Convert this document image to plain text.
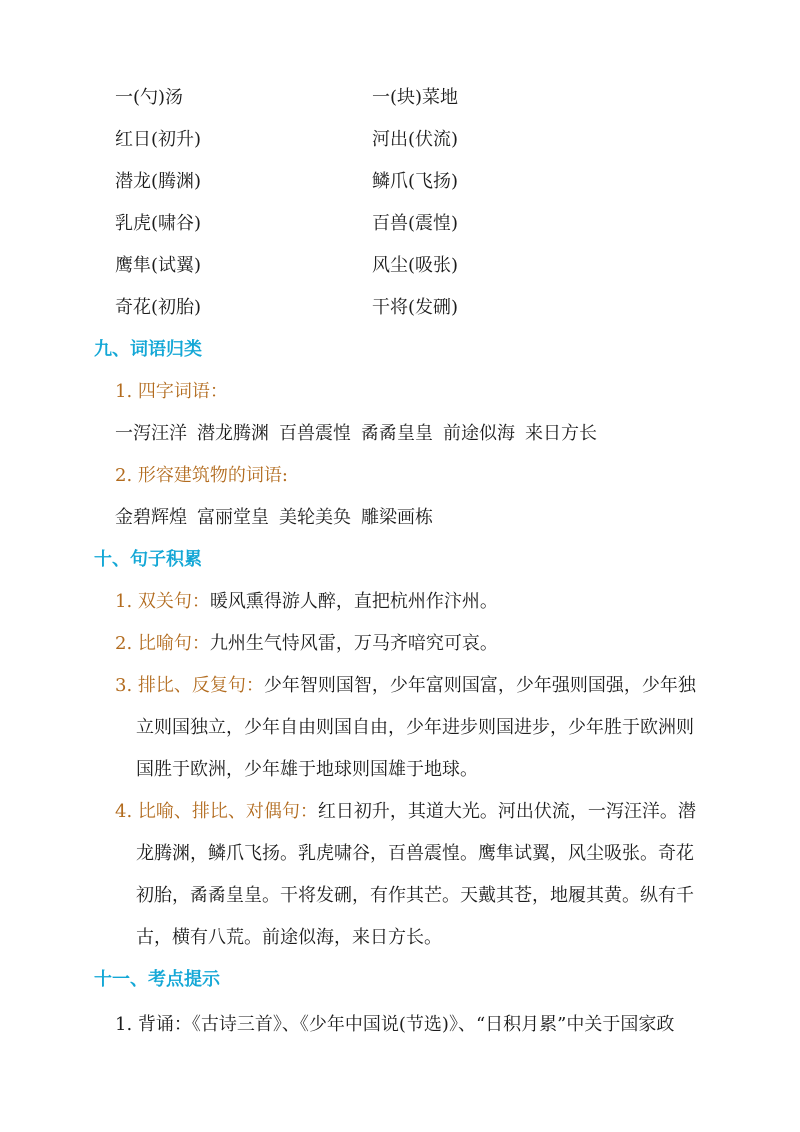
一(勺)汤	一(块)菜地
红日(初升)	河出(伏流)
潜龙(腾渊)	鳞爪(飞扬)
乳虎(啸谷)	百兽(震惶)
鹰隼(试翼)	风尘(吸张)
奇花(初胎)	干将(发硎)
九、词语归类
1. 四字词语：
一泻汪洋 潜龙腾渊 百兽震惶 矞矞皇皇 前途似海 来日方长
2. 形容建筑物的词语:
金碧辉煌 富丽堂皇 美轮美奂 雕梁画栋
十、句子积累
1. 双关句：暖风熏得游人醉，直把杭州作汴州。
2. 比喻句：九州生气恃风雷，万马齐喑究可哀。
3. 排比、反复句：少年智则国智，少年富则国富，少年强则国强，少年独
立则国独立，少年自由则国自由，少年进步则国进步，少年胜于欧洲则
国胜于欧洲，少年雄于地球则国雄于地球。
4. 比喻、排比、对偶句：红日初升，其道大光。河出伏流，一泻汪洋。潜
龙腾渊，鳞爪飞扬。乳虎啸谷，百兽震惶。鹰隼试翼，风尘吸张。奇花
初胎，矞矞皇皇。干将发硎，有作其芒。天戴其苍，地履其黄。纵有千
古，横有八荒。前途似海，来日方长。
十一、考点提示
1. 背诵：《古诗三首》、《少年中国说(节选)》、“日积月累”中关于国家政
